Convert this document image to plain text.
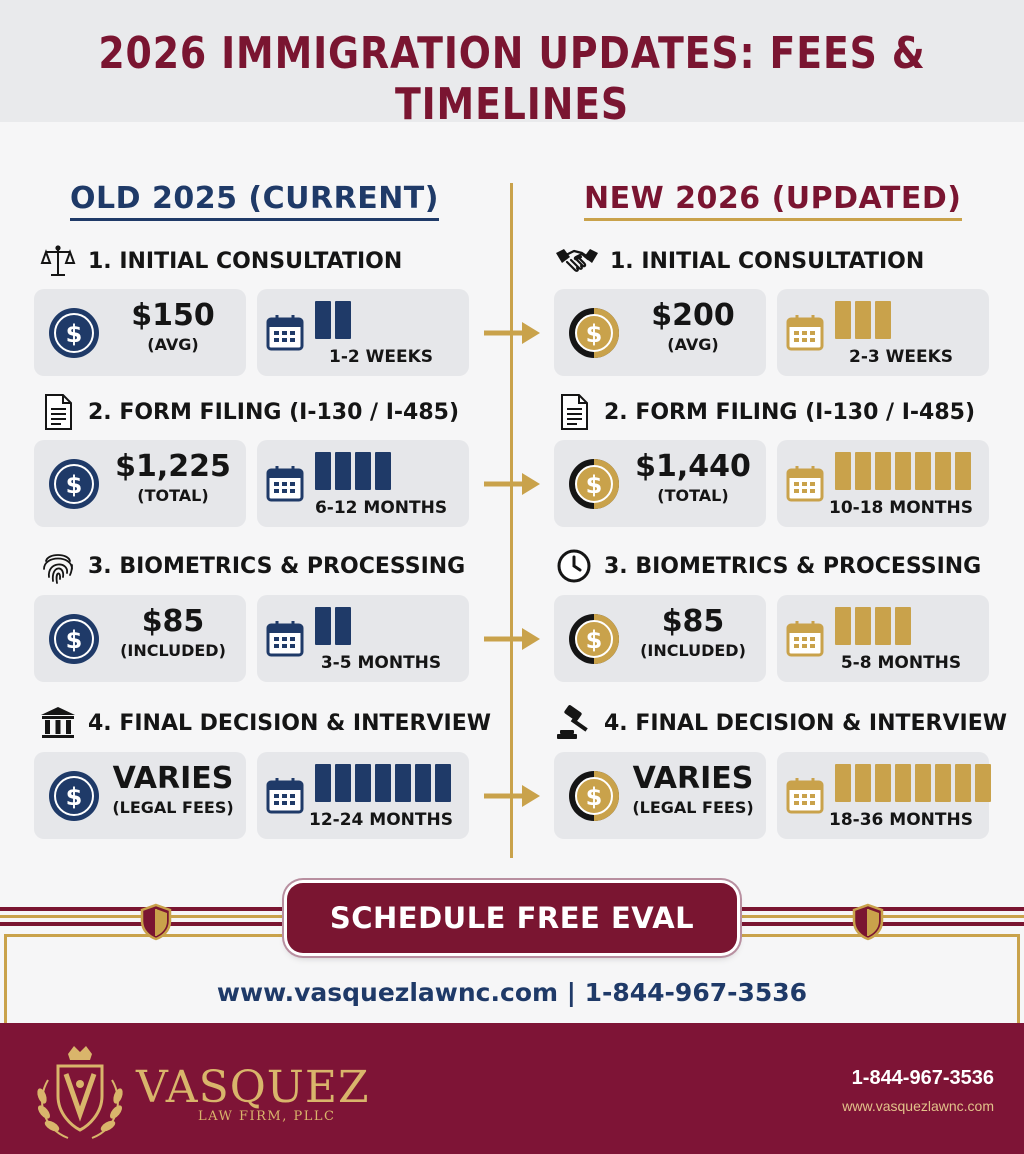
2026 IMMIGRATION UPDATES: FEES & TIMELINES
OLD 2025 (CURRENT)	NEW 2026 (UPDATED)
1. INITIAL CONSULTATION
$
$150
(AVG)
1-2 WEEKS
2. FORM FILING (I-130 / I-485)
$
$1,225
(TOTAL)
6-12 MONTHS
3. BIOMETRICS & PROCESSING
$
$85
(INCLUDED)
3-5 MONTHS
4. FINAL DECISION & INTERVIEW
$
VARIES
(LEGAL FEES)
12-24 MONTHS
1. INITIAL CONSULTATION
$
$200
(AVG)
2-3 WEEKS
2. FORM FILING (I-130 / I-485)
$
$1,440
(TOTAL)
10-18 MONTHS
3. BIOMETRICS & PROCESSING
$
$85
(INCLUDED)
5-8 MONTHS
4. FINAL DECISION & INTERVIEW
$
VARIES
(LEGAL FEES)
18-36 MONTHS
SCHEDULE FREE EVAL
www.vasquezlawnc.com | 1-844-967-3536
VASQUEZ
LAW FIRM, PLLC
1-844-967-3536
www.vasquezlawnc.com
